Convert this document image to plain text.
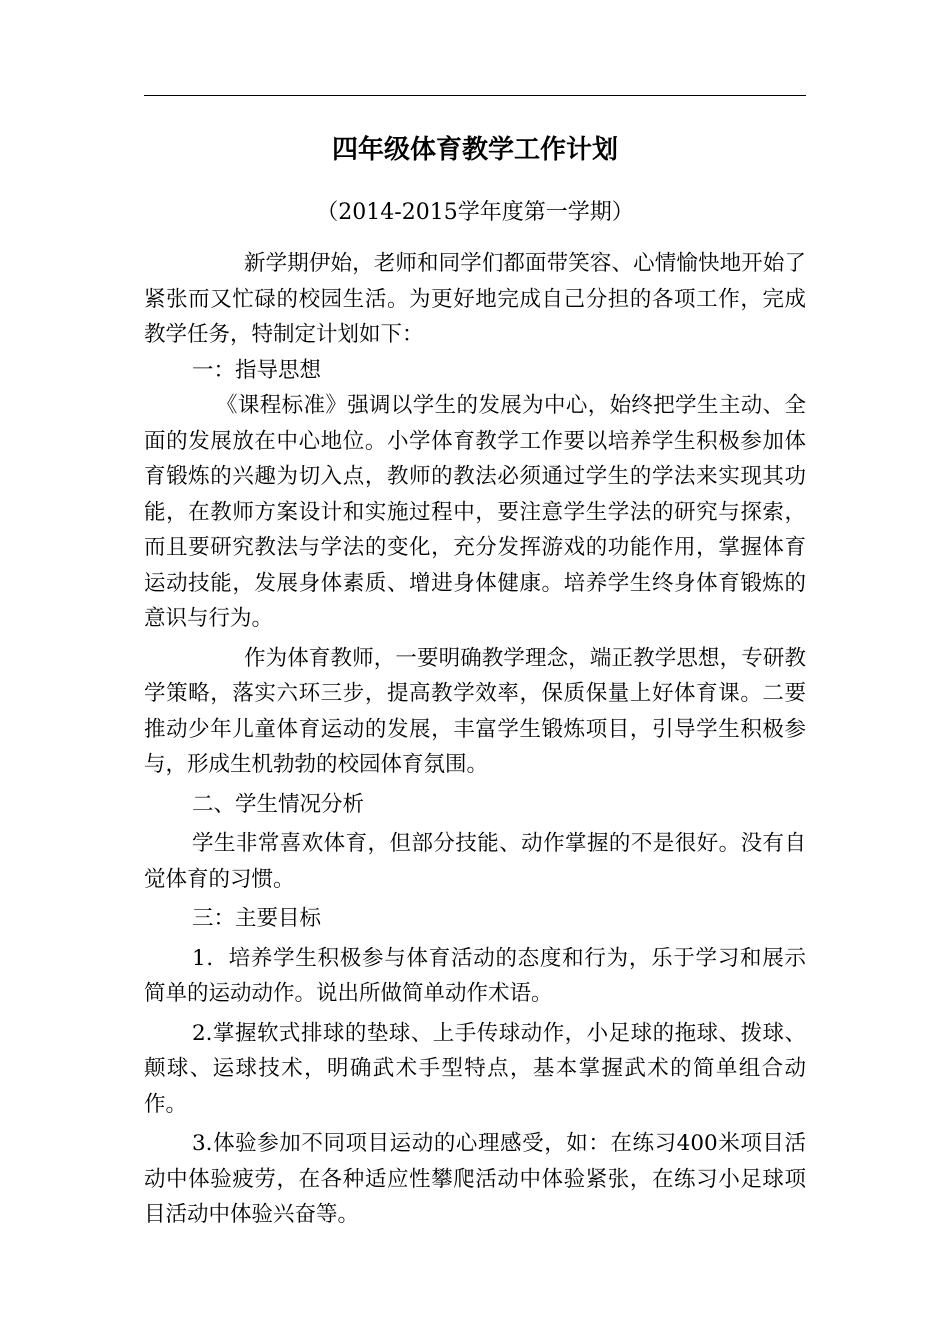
四年级体育教学工作计划
（2014-2015学年度第一学期）

新学期伊始，老师和同学们都面带笑容、心情愉快地开始了紧张而又忙碌的校园生活。为更好地完成自己分担的各项工作，完成教学任务，特制定计划如下：

一：指导思想

《课程标准》强调以学生的发展为中心，始终把学生主动、全面的发展放在中心地位。小学体育教学工作要以培养学生积极参加体育锻炼的兴趣为切入点，教师的教法必须通过学生的学法来实现其功能，在教师方案设计和实施过程中，要注意学生学法的研究与探索，而且要研究教法与学法的变化，充分发挥游戏的功能作用，掌握体育运动技能，发展身体素质、增进身体健康。培养学生终身体育锻炼的意识与行为。

作为体育教师，一要明确教学理念，端正教学思想，专研教学策略，落实六环三步，提高教学效率，保质保量上好体育课。二要推动少年儿童体育运动的发展，丰富学生锻炼项目，引导学生积极参与，形成生机勃勃的校园体育氛围。

二、学生情况分析

学生非常喜欢体育，但部分技能、动作掌握的不是很好。没有自觉体育的习惯。

三：主要目标

1．培养学生积极参与体育活动的态度和行为，乐于学习和展示简单的运动动作。说出所做简单动作术语。

2.掌握软式排球的垫球、上手传球动作，小足球的拖球、拨球、颠球、运球技术，明确武术手型特点，基本掌握武术的简单组合动作。

3.体验参加不同项目运动的心理感受，如：在练习400米项目活动中体验疲劳，在各种适应性攀爬活动中体验紧张，在练习小足球项目活动中体验兴奋等。
